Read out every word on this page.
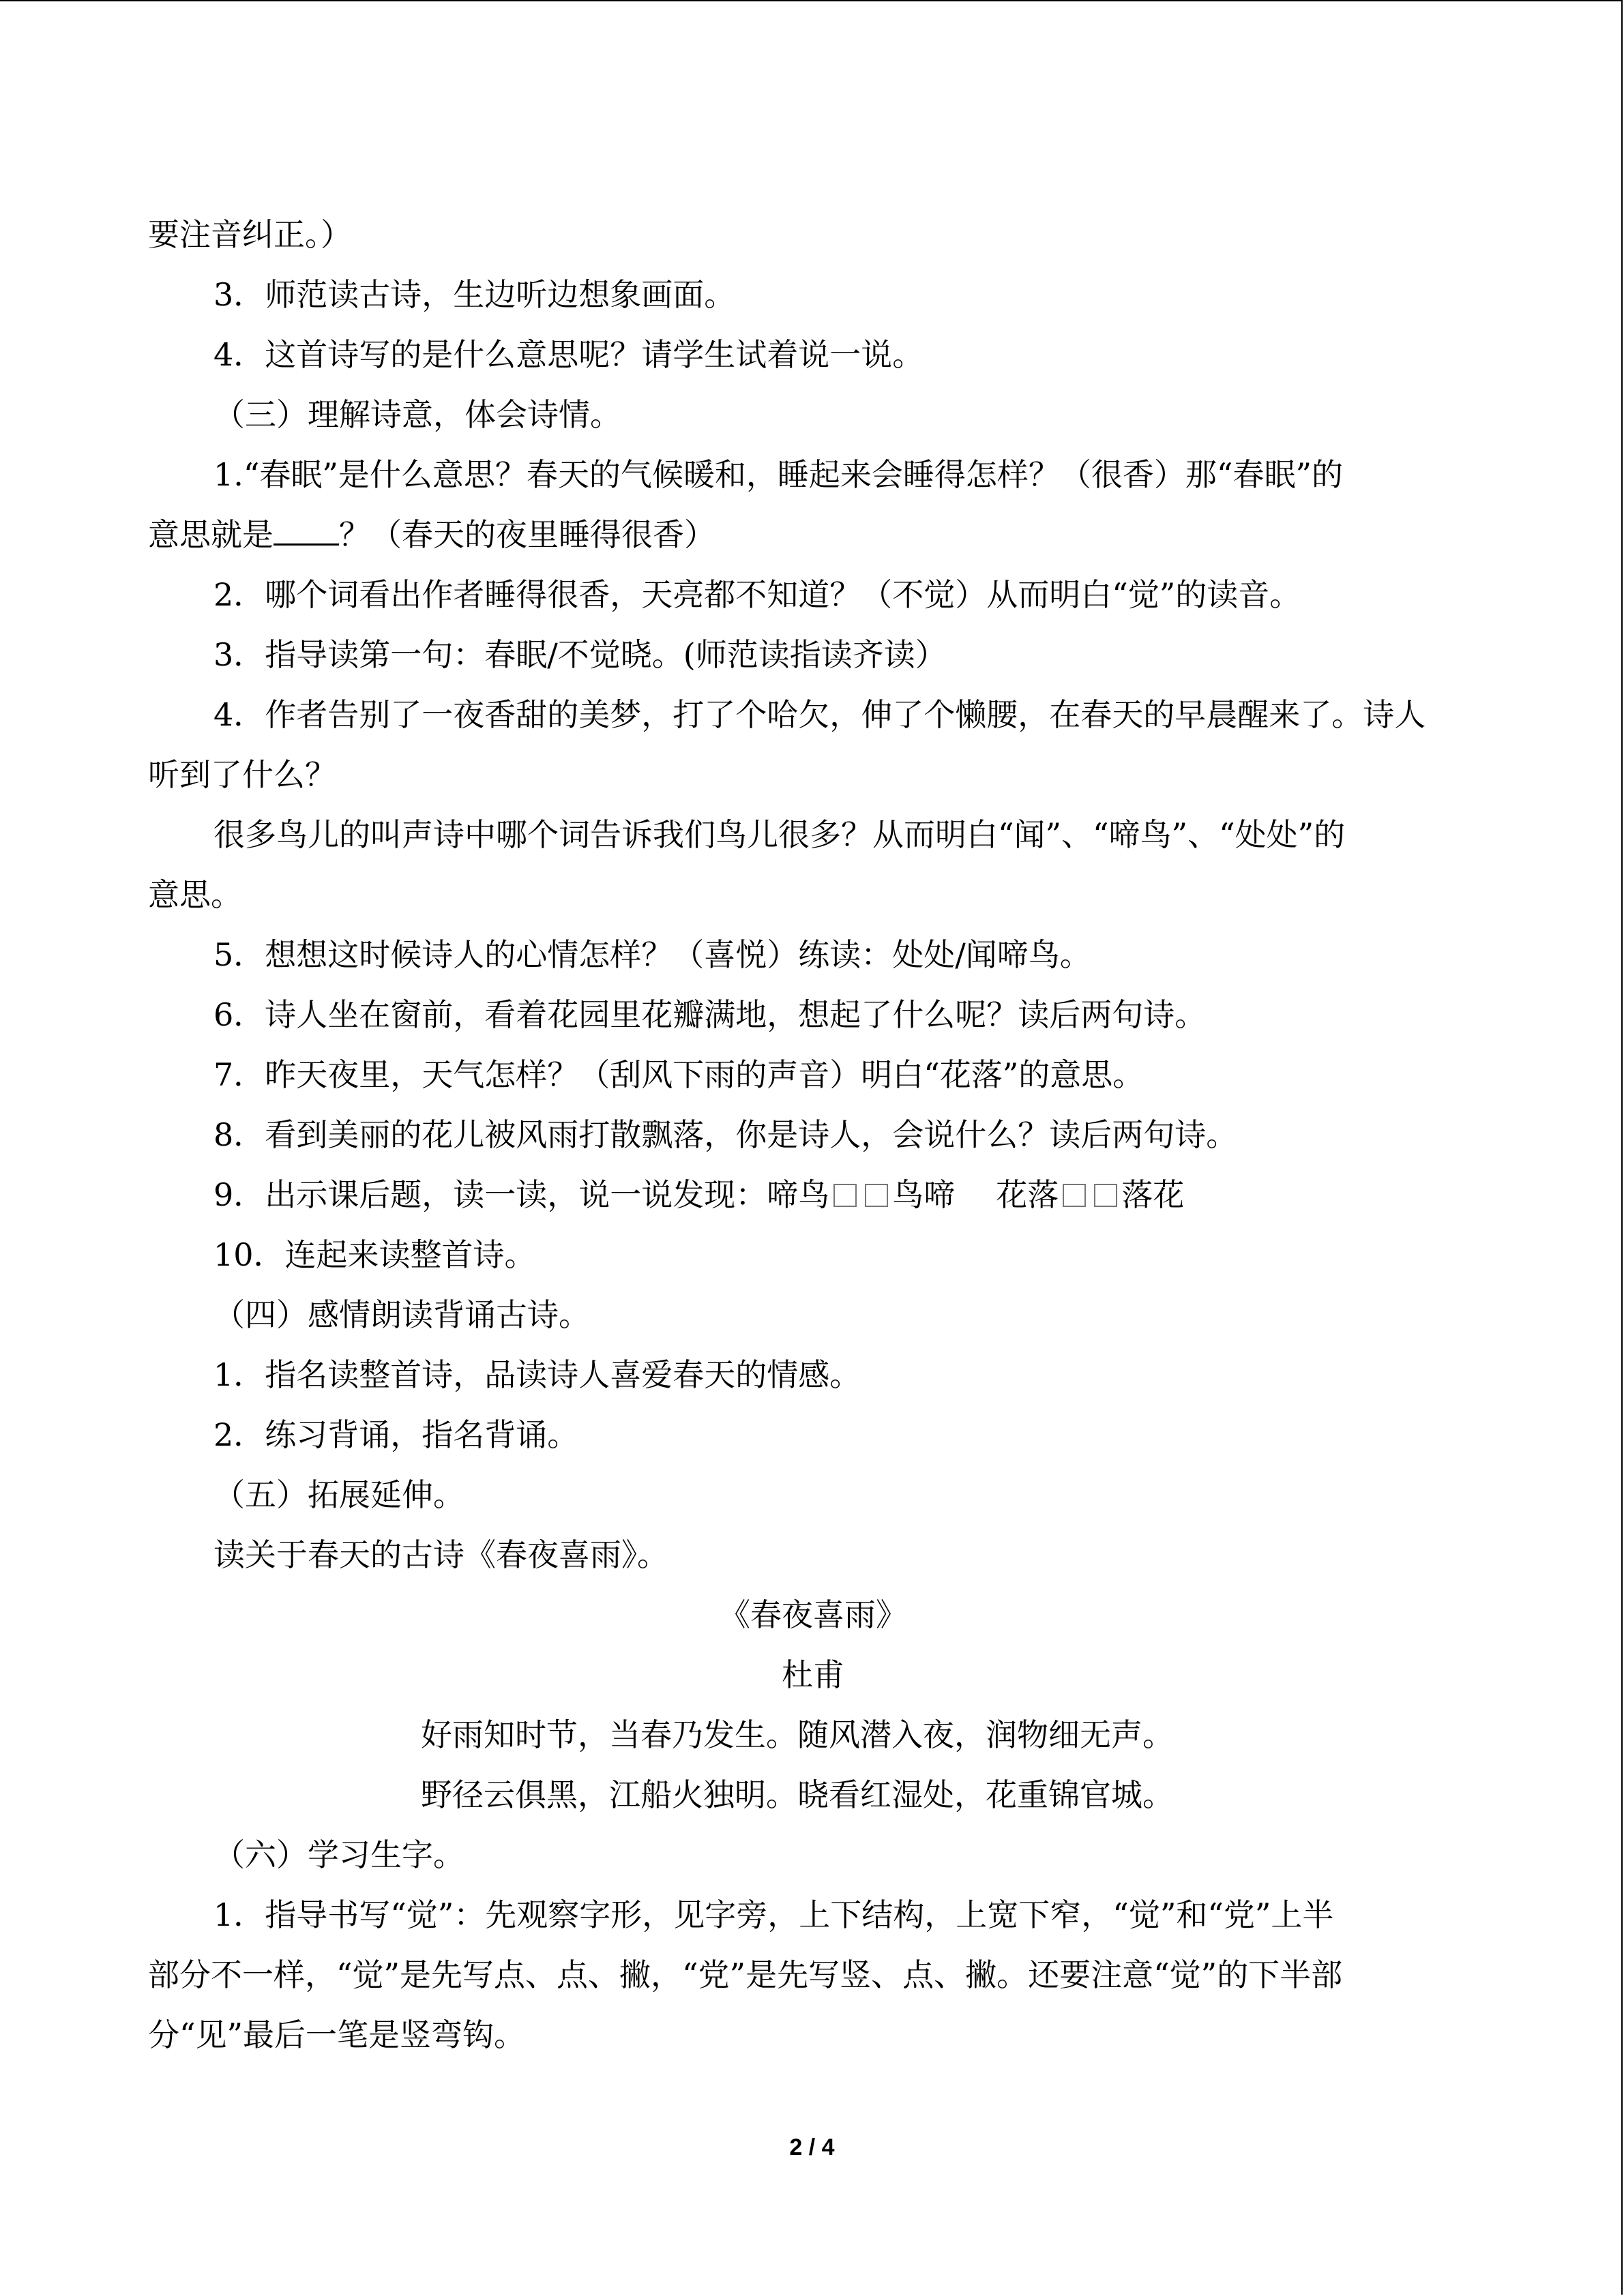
要注音纠正。）
3．师范读古诗，生边听边想象画面。
4．这首诗写的是什么意思呢？请学生试着说一说。
（三）理解诗意，体会诗情。
1.“春眠”是什么意思？春天的气候暖和，睡起来会睡得怎样？（很香）那“春眠”的
意思就是 ？（春天的夜里睡得很香）
2．哪个词看出作者睡得很香，天亮都不知道？（不觉）从而明白“觉”的读音。
3．指导读第一句：春眠/不觉晓。(师范读指读齐读）
4．作者告别了一夜香甜的美梦，打了个哈欠，伸了个懒腰，在春天的早晨醒来了。诗人
听到了什么？
很多鸟儿的叫声诗中哪个词告诉我们鸟儿很多？从而明白“闻”、“啼鸟”、“处处”的
意思。
5．想想这时候诗人的心情怎样？（喜悦）练读：处处/闻啼鸟。
6．诗人坐在窗前，看着花园里花瓣满地，想起了什么呢？读后两句诗。
7．昨天夜里，天气怎样？（刮风下雨的声音）明白“花落”的意思。
8．看到美丽的花儿被风雨打散飘落，你是诗人，会说什么？读后两句诗。
9．出示课后题，读一读，说一说发现：啼鸟 鸟啼 花落 落花
10．连起来读整首诗。
（四）感情朗读背诵古诗。
1．指名读整首诗，品读诗人喜爱春天的情感。
2．练习背诵，指名背诵。
（五）拓展延伸。
读关于春天的古诗《春夜喜雨》。
《春夜喜雨》
杜甫
好雨知时节，当春乃发生。随风潜入夜，润物细无声。
野径云俱黑，江船火独明。晓看红湿处，花重锦官城。
（六）学习生字。
1．指导书写“觉”：先观察字形，见字旁，上下结构，上宽下窄，“觉”和“党”上半
部分不一样，“觉”是先写点、点、撇，“党”是先写竖、点、撇。还要注意“觉”的下半部
分“见”最后一笔是竖弯钩。
2 / 4
